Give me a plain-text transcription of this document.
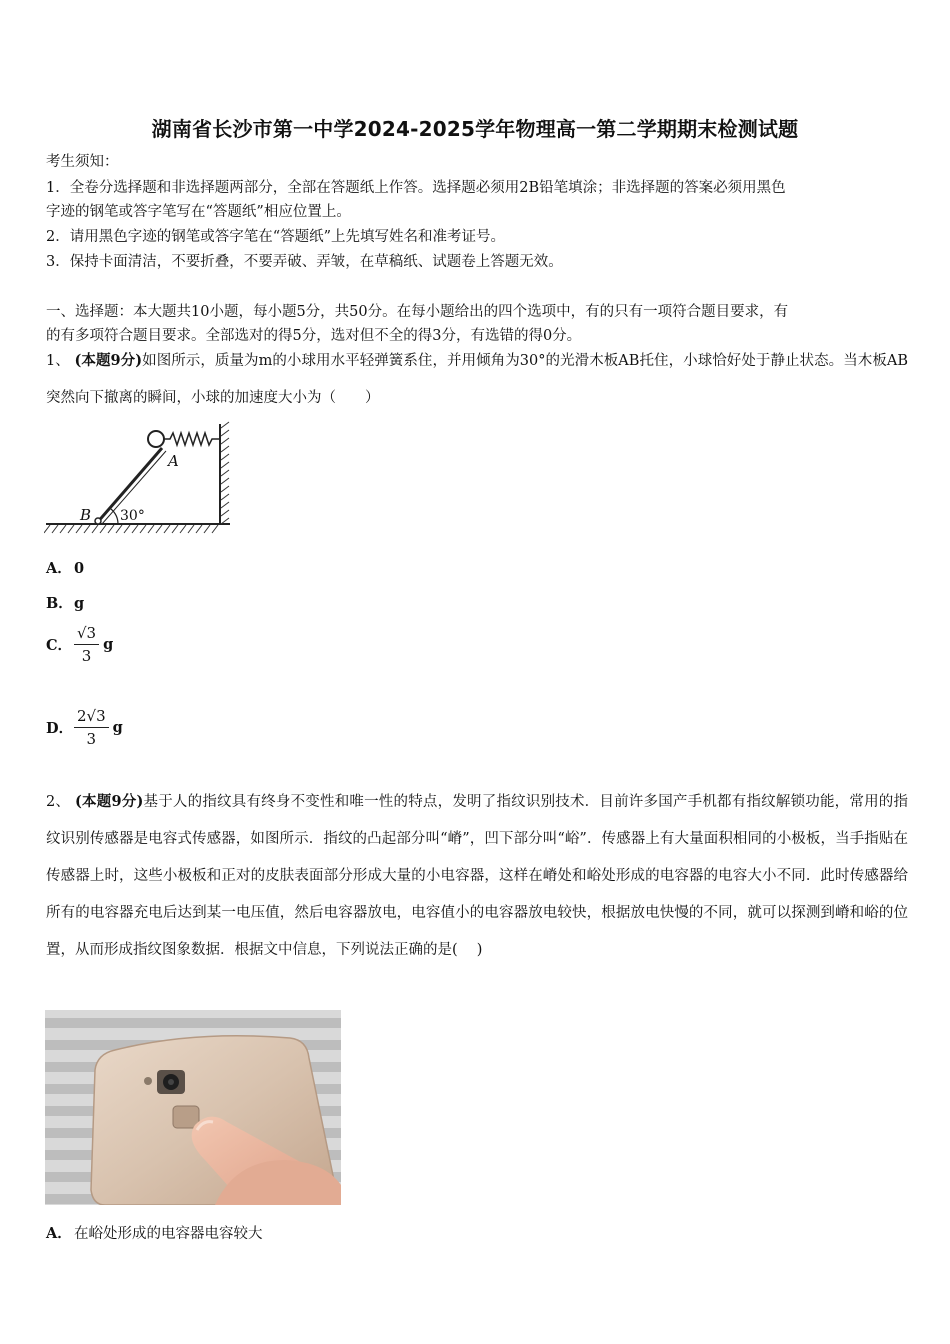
湖南省长沙市第一中学2024-2025学年物理高一第二学期期末检测试题
考生须知：
1．全卷分选择题和非选择题两部分，全部在答题纸上作答。选择题必须用2B铅笔填涂；非选择题的答案必须用黑色
字迹的钢笔或答字笔写在“答题纸”相应位置上。
2．请用黑色字迹的钢笔或答字笔在“答题纸”上先填写姓名和准考证号。
3．保持卡面清洁，不要折叠，不要弄破、弄皱，在草稿纸、试题卷上答题无效。
一、选择题：本大题共10小题，每小题5分，共50分。在每小题给出的四个选项中，有的只有一项符合题目要求，有
的有多项符合题目要求。全部选对的得5分，选对但不全的得3分，有选错的得0分。
1、 (本题9分)如图所示，质量为m的小球用水平轻弹簧系住，并用倾角为30°的光滑木板AB托住，小球恰好处于静止状态。当木板AB突然向下撤离的瞬间，小球的加速度大小为（　　）
A
B 30°
A． 0
B．g
C． $\frac{√3}{3}$ g
D． $\frac{2√3}{3}$ g
2、 (本题9分)基于人的指纹具有终身不变性和唯一性的特点，发明了指纹识别技术．目前许多国产手机都有指纹解锁功能，常用的指纹识别传感器是电容式传感器，如图所示．指纹的凸起部分叫“嵴”，凹下部分叫“峪”．传感器上有大量面积相同的小极板，当手指贴在传感器上时，这些小极板和正对的皮肤表面部分形成大量的小电容器，这样在嵴处和峪处形成的电容器的电容大小不同．此时传感器给所有的电容器充电后达到某一电压值，然后电容器放电，电容值小的电容器放电较快，根据放电快慢的不同，就可以探测到嵴和峪的位置，从而形成指纹图象数据．根据文中信息，下列说法正确的是(　 )
A． 在峪处形成的电容器电容较大
